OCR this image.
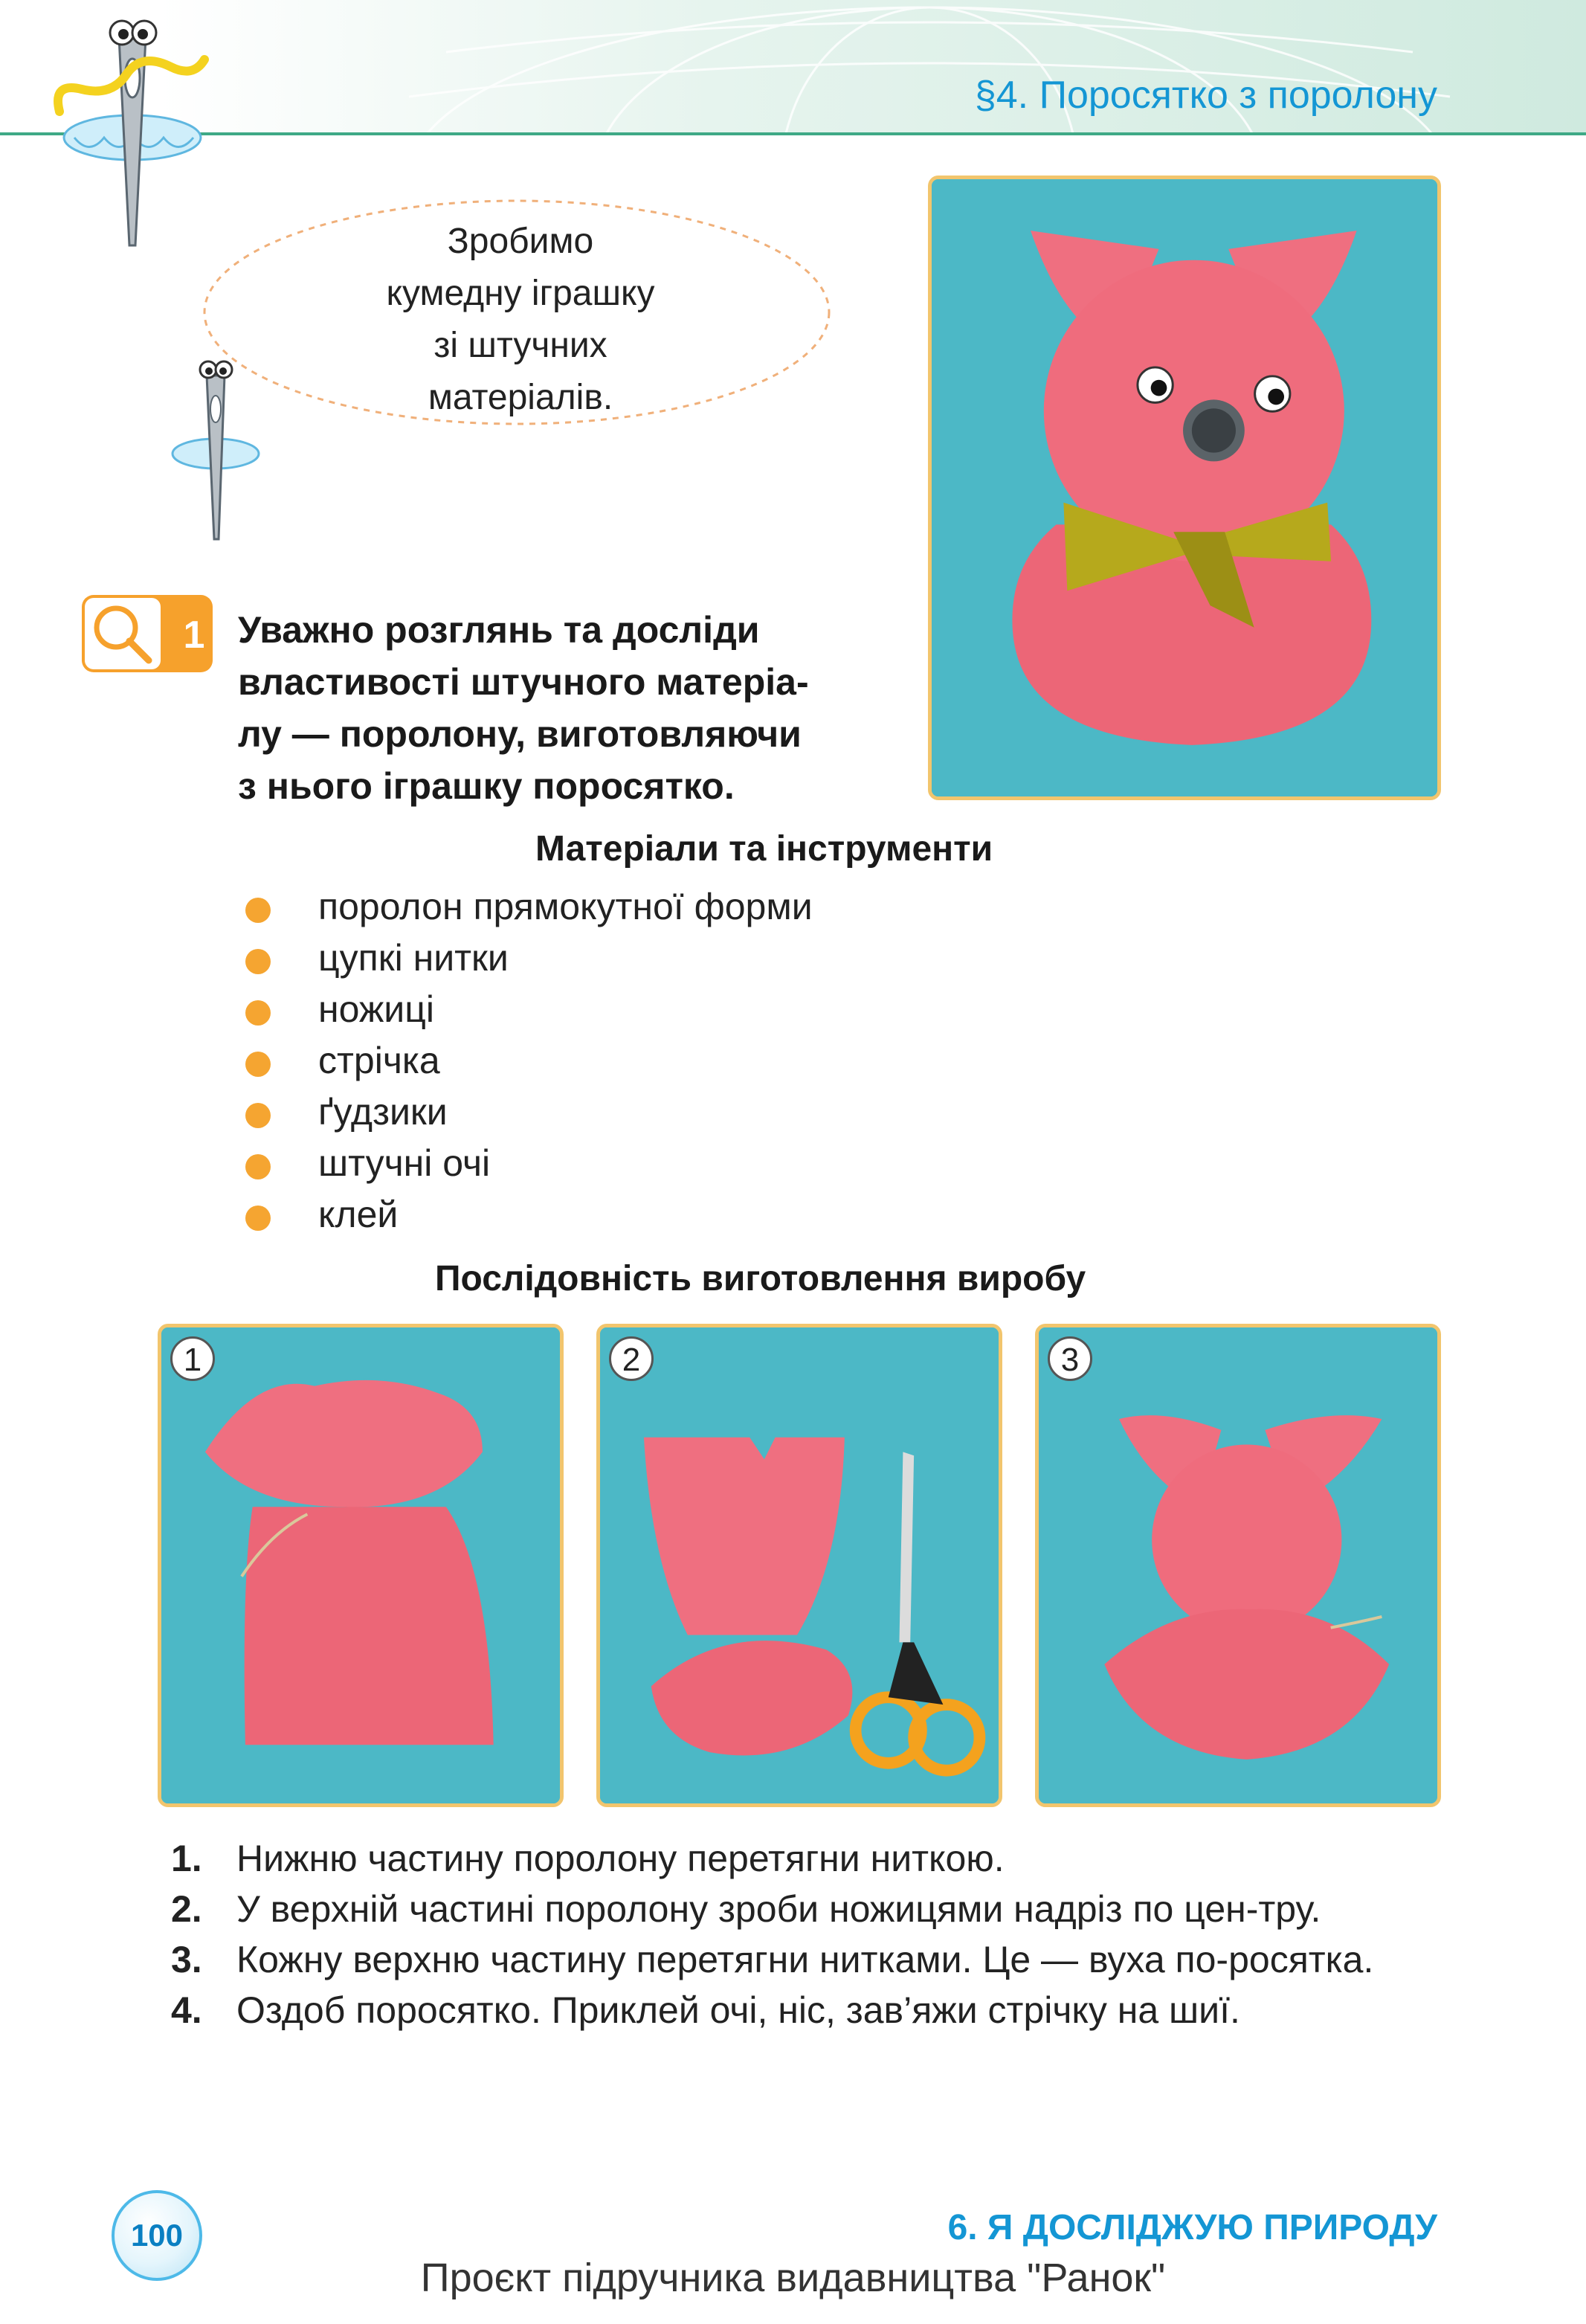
§4. Поросятко з поролону
Зробимо
кумедну іграшку
зі штучних
матеріалів.
1 Уважно розглянь та досліди
властивості штучного матеріа-
лу — поролону, виготовляючи
з нього іграшку поросятко.
Матеріали та інструменти
поролон прямокутної форми
цупкі нитки
ножиці
стрічка
ґудзики
штучні очі
клей
Послідовність виготовлення виробу
1	2	3
1. Нижню частину поролону перетягни ниткою.
2. У верхній частині поролону зроби ножицями надріз по цен-тру.
3. Кожну верхню частину перетягни нитками. Це — вуха по-росятка.
4. Оздоб поросятко. Приклей очі, ніс, зав’яжи стрічку на шиї.
100	6. Я ДОСЛІДЖУЮ ПРИРОДУ
Проєкт підручника видавництва "Ранок"
